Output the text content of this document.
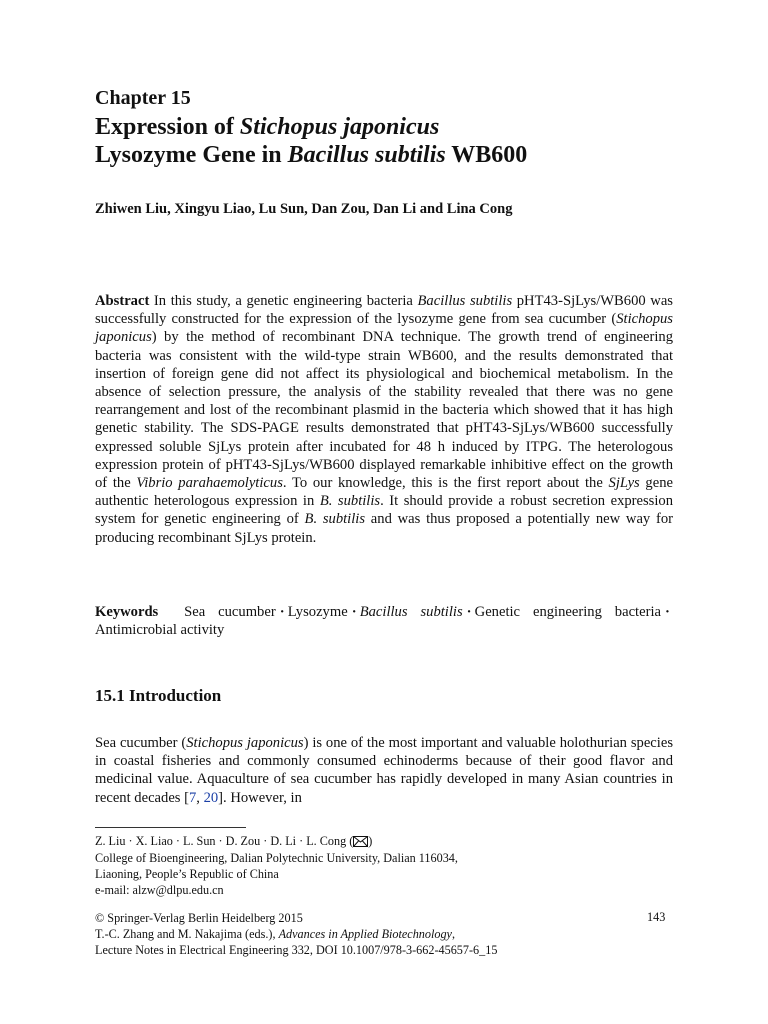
Chapter 15
Expression of Stichopus japonicus
Lysozyme Gene in Bacillus subtilis WB600
Zhiwen Liu, Xingyu Liao, Lu Sun, Dan Zou, Dan Li and Lina Cong
Abstract In this study, a genetic engineering bacteria Bacillus subtilis pHT43-SjLys/WB600 was successfully constructed for the expression of the lysozyme gene from sea cucumber (Stichopus japonicus) by the method of recombinant DNA technique. The growth trend of engineering bacteria was consistent with the wild-type strain WB600, and the results demonstrated that insertion of foreign gene did not affect its physiological and biochemical metabolism. In the absence of selection pressure, the analysis of the stability revealed that there was no gene rearrangement and lost of the recombinant plasmid in the bacteria which showed that it has high genetic stability. The SDS-PAGE results demonstrated that pHT43-SjLys/WB600 successfully expressed soluble SjLys protein after incubated for 48 h induced by ITPG. The heterologous expression protein of pHT43-SjLys/WB600 displayed remarkable inhibitive effect on the growth of the Vibrio parahaemolyticus. To our knowledge, this is the first report about the SjLys gene authentic heterologous expression in B. subtilis. It should provide a robust secretion expression system for genetic engineering of B. subtilis and was thus proposed a potentially new way for producing recombinant SjLys protein.
Keywords Sea cucumber · Lysozyme · Bacillus subtilis · Genetic engineering bacteria ·Antimicrobial activity
15.1 Introduction
Sea cucumber (Stichopus japonicus) is one of the most important and valuable holothurian species in coastal fisheries and commonly consumed echinoderms because of their good flavor and medicinal value. Aquaculture of sea cucumber has rapidly developed in many Asian countries in recent decades [7, 20]. However, in
Z. Liu · X. Liao · L. Sun · D. Zou · D. Li · L. Cong ( )
College of Bioengineering, Dalian Polytechnic University, Dalian 116034,
Liaoning, People’s Republic of China
e-mail: alzw@dlpu.edu.cn
© Springer-Verlag Berlin Heidelberg 2015	143
T.-C. Zhang and M. Nakajima (eds.), Advances in Applied Biotechnology,
Lecture Notes in Electrical Engineering 332, DOI 10.1007/978-3-662-45657-6_15
